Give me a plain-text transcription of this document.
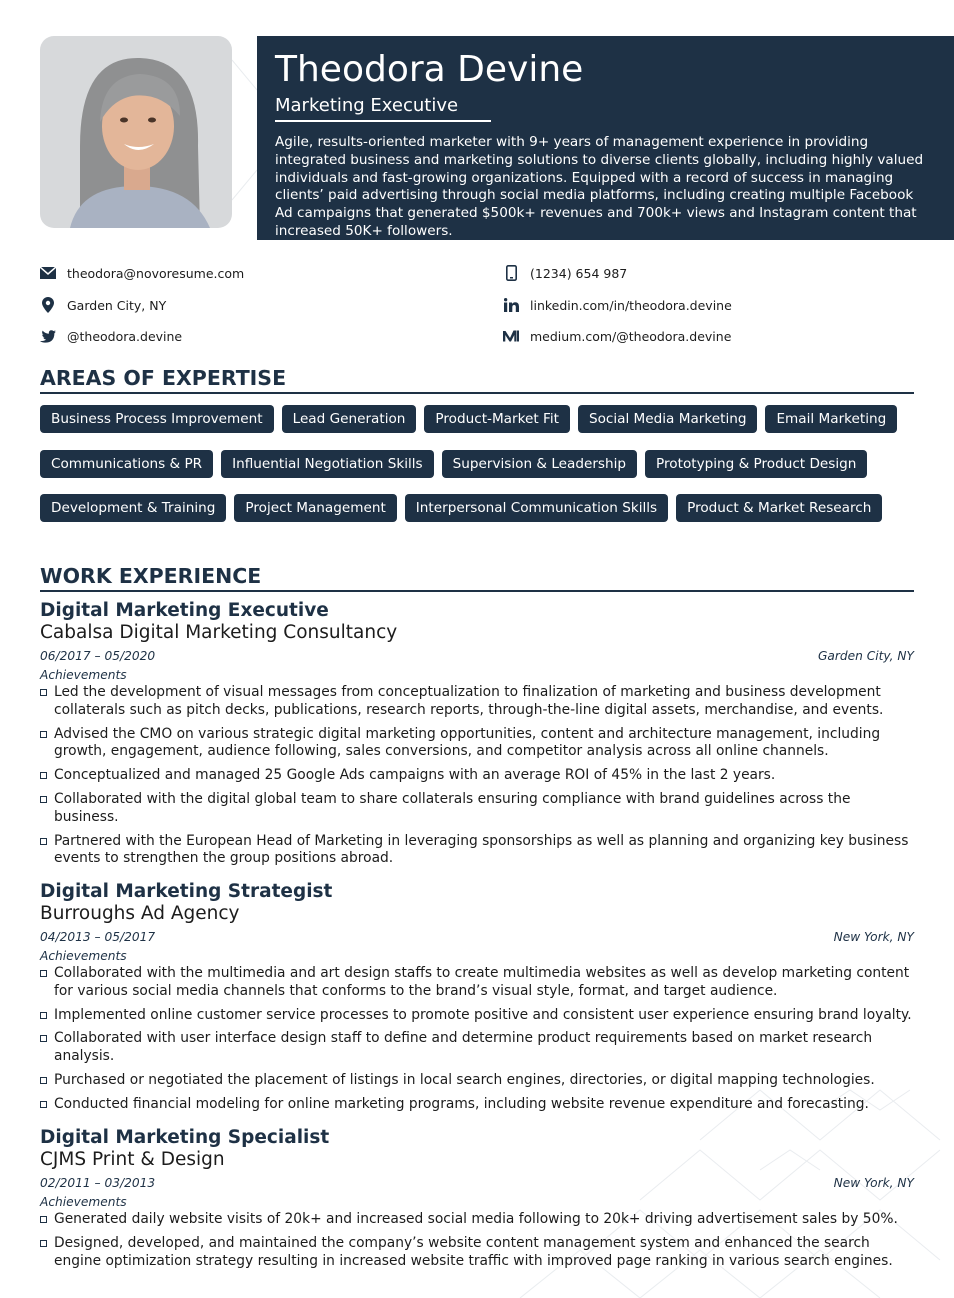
Theodora Devine
Marketing Executive
Agile, results-oriented marketer with 9+ years of management experience in providing integrated business and marketing solutions to diverse clients globally, including highly valued individuals and fast-growing organizations. Equipped with a record of success in managing clients’ paid advertising through social media platforms, including creating multiple Facebook Ad campaigns that generated $500k+ revenues and 700k+ views and Instagram content that increased 50K+ followers.
theodora@novoresume.com	(1234) 654 987
Garden City, NY	linkedin.com/in/theodora.devine
@theodora.devine	medium.com/@theodora.devine
AREAS OF EXPERTISE
Business Process Improvement	Lead Generation	Product-Market Fit	Social Media Marketing	Email Marketing
Communications & PR	Influential Negotiation Skills	Supervision & Leadership	Prototyping & Product Design
Development & Training	Project Management	Interpersonal Communication Skills	Product & Market Research
WORK EXPERIENCE
Digital Marketing Executive
Cabalsa Digital Marketing Consultancy
06/2017 – 05/2020	Garden City, NY
Achievements
Led the development of visual messages from conceptualization to finalization of marketing and business development collaterals such as pitch decks, publications, research reports, through-the-line digital assets, merchandise, and events.
Advised the CMO on various strategic digital marketing opportunities, content and architecture management, including growth, engagement, audience following, sales conversions, and competitor analysis across all online channels.
Conceptualized and managed 25 Google Ads campaigns with an average ROI of 45% in the last 2 years.
Collaborated with the digital global team to share collaterals ensuring compliance with brand guidelines across the business.
Partnered with the European Head of Marketing in leveraging sponsorships as well as planning and organizing key business events to strengthen the group positions abroad.
Digital Marketing Strategist
Burroughs Ad Agency
04/2013 – 05/2017	New York, NY
Achievements
Collaborated with the multimedia and art design staffs to create multimedia websites as well as develop marketing content for various social media channels that conforms to the brand’s visual style, format, and target audience.
Implemented online customer service processes to promote positive and consistent user experience ensuring brand loyalty.
Collaborated with user interface design staff to define and determine product requirements based on market research analysis.
Purchased or negotiated the placement of listings in local search engines, directories, or digital mapping technologies.
Conducted financial modeling for online marketing programs, including website revenue expenditure and forecasting.
Digital Marketing Specialist
CJMS Print & Design
02/2011 – 03/2013	New York, NY
Achievements
Generated daily website visits of 20k+ and increased social media following to 20k+ driving advertisement sales by 50%.
Designed, developed, and maintained the company’s website content management system and enhanced the search engine optimization strategy resulting in increased website traffic with improved page ranking in various search engines.
